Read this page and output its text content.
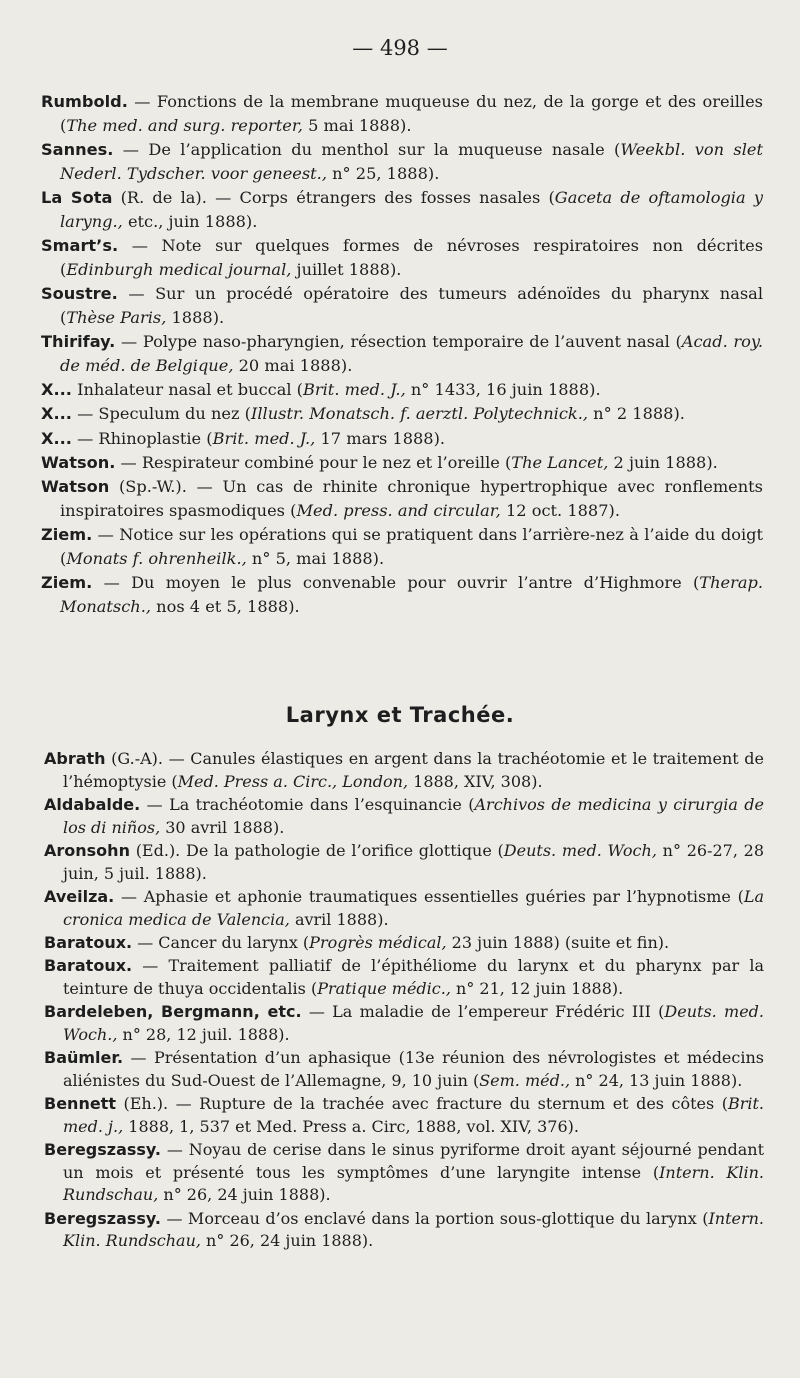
— 498 —

Rumbold. — Fonctions de la membrane muqueuse du nez, de la gorge et des oreilles (The med. and surg. reporter, 5 mai 1888).

Sannes. — De l’application du menthol sur la muqueuse nasale (Weekbl. von slet Nederl. Tydscher. voor geneest., n° 25, 1888).

La Sota (R. de la). — Corps étrangers des fosses nasales (Gaceta de oftamologia y laryng., etc., juin 1888).

Smart’s. — Note sur quelques formes de névroses respiratoires non décrites (Edinburgh medical journal, juillet 1888).

Soustre. — Sur un procédé opératoire des tumeurs adénoïdes du pharynx nasal (Thèse Paris, 1888).

Thirifay. — Polype naso-pharyngien, résection temporaire de l’auvent nasal (Acad. roy. de méd. de Belgique, 20 mai 1888).

X... Inhalateur nasal et buccal (Brit. med. J., n° 1433, 16 juin 1888).

X... — Speculum du nez (Illustr. Monatsch. f. aerztl. Polytechnick., n° 2 1888).

X... — Rhinoplastie (Brit. med. J., 17 mars 1888).

Watson. — Respirateur combiné pour le nez et l’oreille (The Lancet, 2 juin 1888).

Watson (Sp.-W.). — Un cas de rhinite chronique hypertrophique avec ronflements inspiratoires spasmodiques (Med. press. and circular, 12 oct. 1887).

Ziem. — Notice sur les opérations qui se pratiquent dans l’arrière-nez à l’aide du doigt (Monats f. ohrenheilk., n° 5, mai 1888).

Ziem. — Du moyen le plus convenable pour ouvrir l’antre d’Highmore (Therap. Monatsch., nos 4 et 5, 1888).

Larynx et Trachée.

Abrath (G.-A). — Canules élastiques en argent dans la trachéotomie et le traitement de l’hémoptysie (Med. Press a. Circ., London, 1888, XIV, 308).

Aldabalde. — La trachéotomie dans l’esquinancie (Archivos de medicina y cirurgia de los di niños, 30 avril 1888).

Aronsohn (Ed.). De la pathologie de l’orifice glottique (Deuts. med. Woch, n° 26-27, 28 juin, 5 juil. 1888).

Aveilza. — Aphasie et aphonie traumatiques essentielles guéries par l’hypnotisme (La cronica medica de Valencia, avril 1888).

Baratoux. — Cancer du larynx (Progrès médical, 23 juin 1888) (suite et fin).

Baratoux. — Traitement palliatif de l’épithéliome du larynx et du pharynx par la teinture de thuya occidentalis (Pratique médic., n° 21, 12 juin 1888).

Bardeleben, Bergmann, etc. — La maladie de l’empereur Frédéric III (Deuts. med. Woch., n° 28, 12 juil. 1888).

Baümler. — Présentation d’un aphasique (13e réunion des névrologistes et médecins aliénistes du Sud-Ouest de l’Allemagne, 9, 10 juin (Sem. méd., n° 24, 13 juin 1888).

Bennett (Eh.). — Rupture de la trachée avec fracture du sternum et des côtes (Brit. med. j., 1888, 1, 537 et Med. Press a. Circ, 1888, vol. XIV, 376).

Beregszassy. — Noyau de cerise dans le sinus pyriforme droit ayant séjourné pendant un mois et présenté tous les symptômes d’une laryngite intense (Intern. Klin. Rundschau, n° 26, 24 juin 1888).

Beregszassy. — Morceau d’os enclavé dans la portion sous-glottique du larynx (Intern. Klin. Rundschau, n° 26, 24 juin 1888).
